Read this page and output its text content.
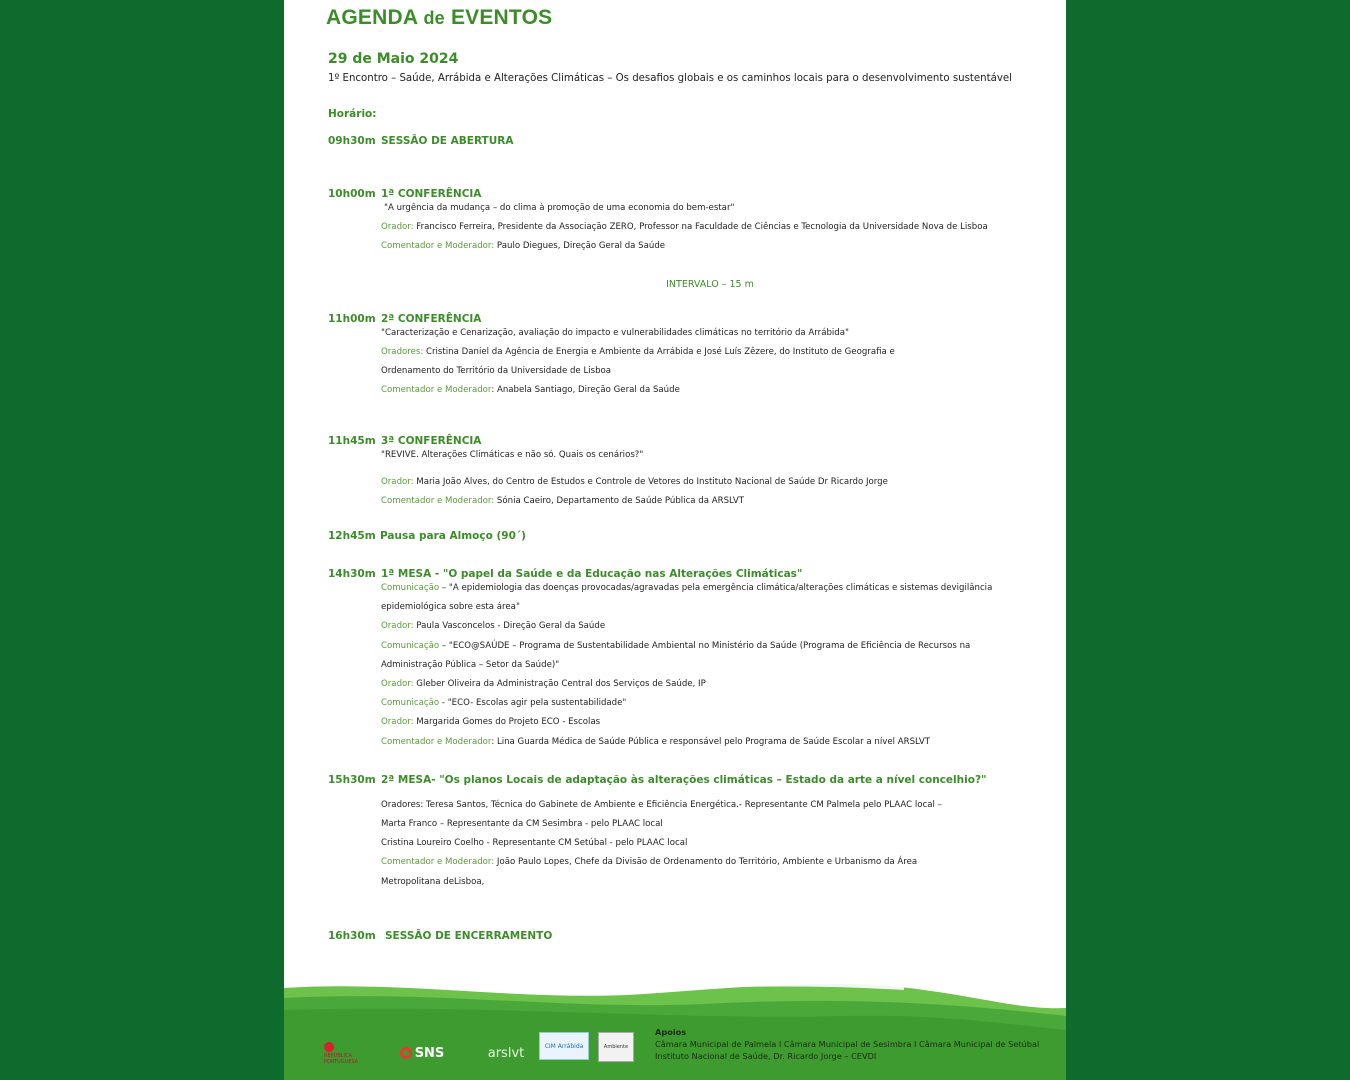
AGENDA de EVENTOS
29 de Maio 2024
1º Encontro – Saúde, Arrábida e Alterações Climáticas – Os desafios globais e os caminhos locais para o desenvolvimento sustentável
Horário:
09h30m SESSÃO DE ABERTURA
10h00m 1ª CONFERÊNCIA
"A urgência da mudança – do clima à promoção de uma economia do bem-estar"
Orador: Francisco Ferreira, Presidente da Associação ZERO, Professor na Faculdade de Ciências e Tecnologia da Universidade Nova de Lisboa
Comentador e Moderador: Paulo Diegues, Direção Geral da Saúde
INTERVALO – 15 m
11h00m 2ª CONFERÊNCIA
"Caracterização e Cenarização, avaliação do impacto e vulnerabilidades climáticas no território da Arrábida"
Oradores: Cristina Daniel da Agência de Energia e Ambiente da Arrábida e José Luís Zêzere, do Instituto de Geografia e
Ordenamento do Território da Universidade de Lisboa
Comentador e Moderador: Anabela Santiago, Direção Geral da Saúde
11h45m 3ª CONFERÊNCIA
"REVIVE. Alterações Climáticas e não só. Quais os cenários?"
Orador: Maria João Alves, do Centro de Estudos e Controle de Vetores do Instituto Nacional de Saúde Dr Ricardo Jorge
Comentador e Moderador: Sónia Caeiro, Departamento de Saúde Pública da ARSLVT
12h45m Pausa para Almoço (90´)
14h30m 1ª MESA - "O papel da Saúde e da Educação nas Alterações Climáticas"
Comunicação – "A epidemiologia das doenças provocadas/agravadas pela emergência climática/alterações climáticas e sistemas devigilância
epidemiológica sobre esta área"
Orador: Paula Vasconcelos - Direção Geral da Saúde
Comunicação – "ECO@SAÚDE – Programa de Sustentabilidade Ambiental no Ministério da Saúde (Programa de Eficiência de Recursos na
Administração Pública – Setor da Saúde)"
Orador: Gleber Oliveira da Administração Central dos Serviços de Saúde, IP
Comunicação - "ECO- Escolas agir pela sustentabilidade"
Orador: Margarida Gomes do Projeto ECO - Escolas
Comentador e Moderador: Lina Guarda Médica de Saúde Pública e responsável pelo Programa de Saúde Escolar a nível ARSLVT
15h30m 2ª MESA- "Os planos Locais de adaptação às alterações climáticas – Estado da arte a nível concelhio?"
Oradores: Teresa Santos, Técnica do Gabinete de Ambiente e Eficiência Energética.- Representante CM Palmela pelo PLAAC local –
Marta Franco – Representante da CM Sesimbra - pelo PLAAC local
Cristina Loureiro Coelho - Representante CM Setúbal - pelo PLAAC local
Comentador e Moderador: João Paulo Lopes, Chefe da Divisão de Ordenamento do Território, Ambiente e Urbanismo da Área
Metropolitana deLisboa,
16h30m SESSÃO DE ENCERRAMENTO
REPÚBLICA PORTUGUESA
SNS	arslvt	CIM Arrábida	Ambiente
Apoios
Câmara Municipal de Palmela I Câmara Municipal de Sesimbra I Câmara Municipal de Setúbal
Instituto Nacional de Saúde, Dr. Ricardo Jorge – CEVDI
